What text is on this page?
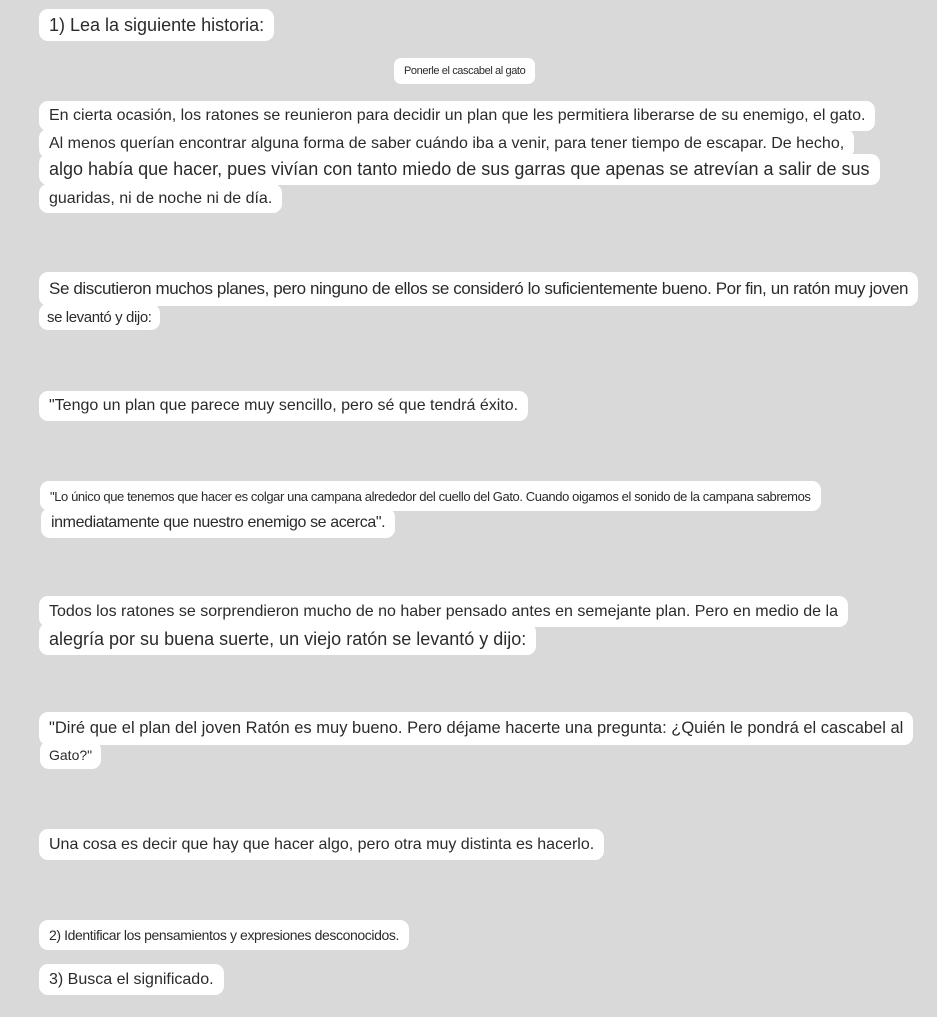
1) Lea la siguiente historia:
Ponerle el cascabel al gato
En cierta ocasión, los ratones se reunieron para decidir un plan que les permitiera liberarse de su enemigo, el gato.
Al menos querían encontrar alguna forma de saber cuándo iba a venir, para tener tiempo de escapar. De hecho,
algo había que hacer, pues vivían con tanto miedo de sus garras que apenas se atrevían a salir de sus
guaridas, ni de noche ni de día.
Se discutieron muchos planes, pero ninguno de ellos se consideró lo suficientemente bueno. Por fin, un ratón muy joven
se levantó y dijo:
"Tengo un plan que parece muy sencillo, pero sé que tendrá éxito.
"Lo único que tenemos que hacer es colgar una campana alrededor del cuello del Gato. Cuando oigamos el sonido de la campana sabremos
inmediatamente que nuestro enemigo se acerca".
Todos los ratones se sorprendieron mucho de no haber pensado antes en semejante plan. Pero en medio de la
alegría por su buena suerte, un viejo ratón se levantó y dijo:
"Diré que el plan del joven Ratón es muy bueno. Pero déjame hacerte una pregunta: ¿Quién le pondrá el cascabel al
Gato?"
Una cosa es decir que hay que hacer algo, pero otra muy distinta es hacerlo.
2) Identificar los pensamientos y expresiones desconocidos.
3) Busca el significado.
